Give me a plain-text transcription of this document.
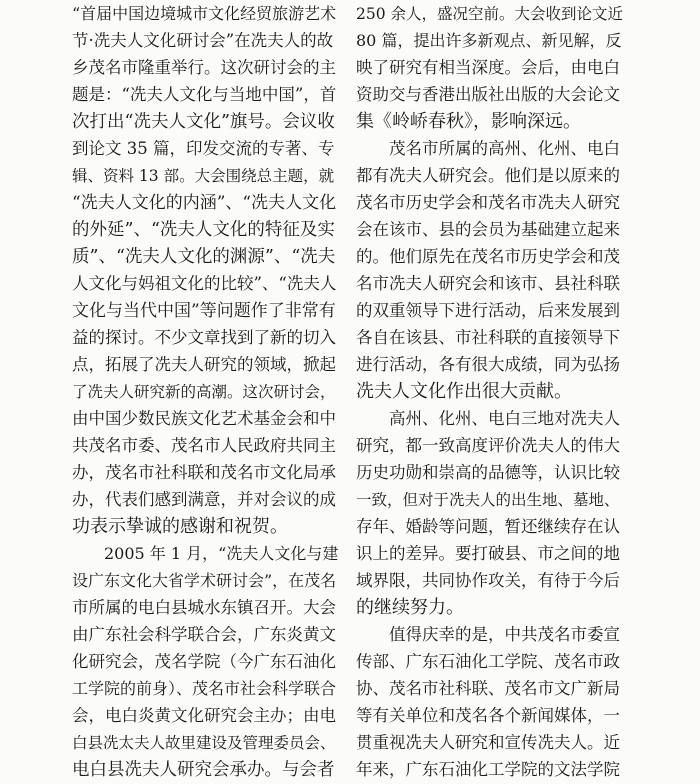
“首届中国边境城市文化经贸旅游艺术
节·冼夫人文化研讨会”在冼夫人的故
乡茂名市隆重举行。这次研讨会的主
题是：“冼夫人文化与当地中国”，首
次打出“冼夫人文化”旗号。会议收
到论文 35 篇，印发交流的专著、专
辑、资料 13 部。大会围绕总主题，就
“冼夫人文化的内涵”、“冼夫人文化
的外延”、“冼夫人文化的特征及实
质”、“冼夫人文化的渊源”、“冼夫
人文化与妈祖文化的比较”、“冼夫人
文化与当代中国”等问题作了非常有
益的探讨。不少文章找到了新的切入
点，拓展了冼夫人研究的领域，掀起
了冼夫人研究新的高潮。这次研讨会，
由中国少数民族文化艺术基金会和中
共茂名市委、茂名市人民政府共同主
办，茂名市社科联和茂名市文化局承
办，代表们感到满意，并对会议的成
功表示挚诚的感谢和祝贺。
　　2005 年 1 月，“冼夫人文化与建
设广东文化大省学术研讨会”，在茂名
市所属的电白县城水东镇召开。大会
由广东社会科学联合会，广东炎黄文
化研究会，茂名学院（今广东石油化
工学院的前身）、茂名市社会科学联合
会，电白炎黄文化研究会主办；由电
白县冼太夫人故里建设及管理委员会、
电白县冼夫人研究会承办。与会者
250 余人，盛况空前。大会收到论文近
80 篇，提出许多新观点、新见解，反
映了研究有相当深度。会后，由电白
资助交与香港出版社出版的大会论文
集《岭峤春秋》，影响深远。
　　茂名市所属的高州、化州、电白
都有冼夫人研究会。他们是以原来的
茂名市历史学会和茂名市冼夫人研究
会在该市、县的会员为基础建立起来
的。他们原先在茂名市历史学会和茂
名市冼夫人研究会和该市、县社科联
的双重领导下进行活动，后来发展到
各自在该县、市社科联的直接领导下
进行活动，各有很大成绩，同为弘扬
冼夫人文化作出很大贡献。
　　高州、化州、电白三地对冼夫人
研究，都一致高度评价冼夫人的伟大
历史功勋和崇高的品德等，认识比较
一致，但对于冼夫人的出生地、墓地、
存年、婚龄等问题，暂还继续存在认
识上的差异。要打破县、市之间的地
域界限，共同协作攻关，有待于今后
的继续努力。
　　值得庆幸的是，中共茂名市委宣
传部、广东石油化工学院、茂名市政
协、茂名市社科联、茂名市文广新局
等有关单位和茂名各个新闻媒体，一
贯重视冼夫人研究和宣传冼夫人。近
年来，广东石油化工学院的文法学院
